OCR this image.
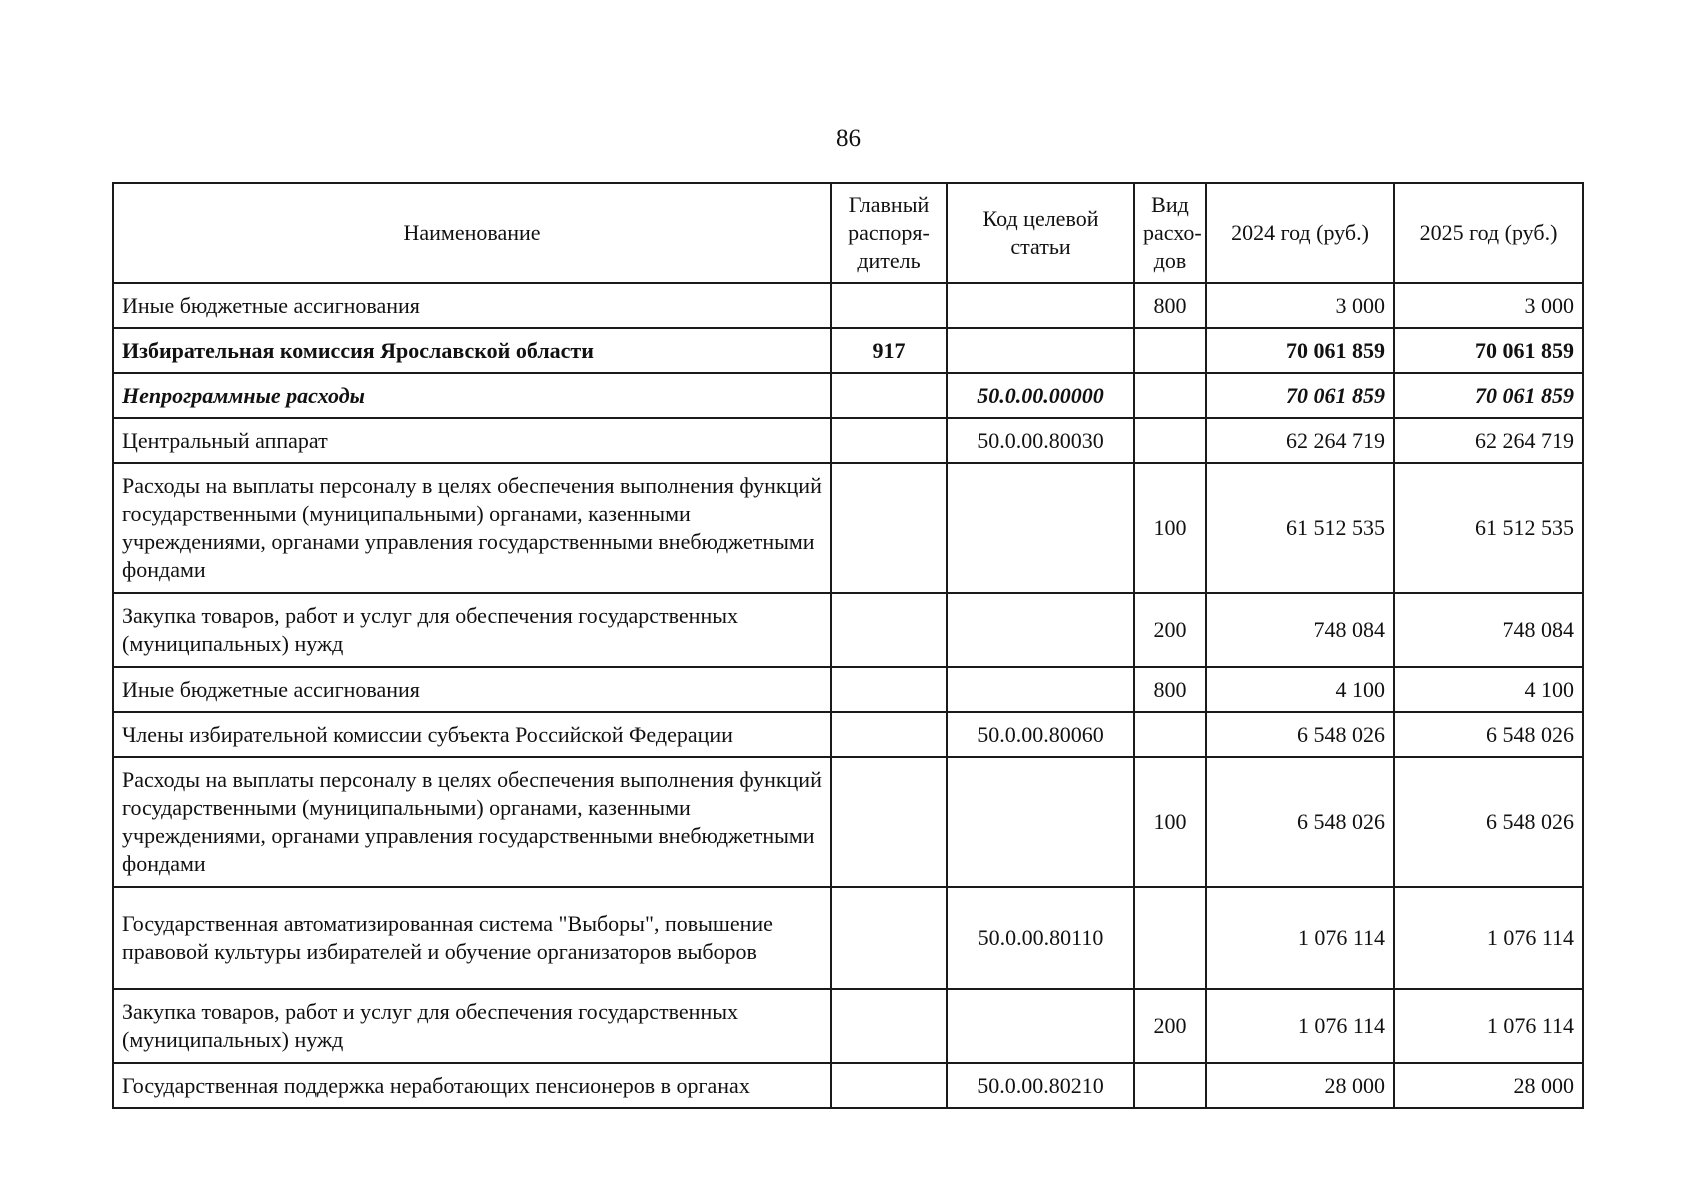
86
Наименование	Главный распоря-дитель	Код целевой статьи	Вид расхо-дов	2024 год (руб.)	2025 год (руб.)
Иные бюджетные ассигнования			800	3 000	3 000
Избирательная комиссия Ярославской области	917			70 061 859	70 061 859
Непрограммные расходы		50.0.00.00000		70 061 859	70 061 859
Центральный аппарат		50.0.00.80030		62 264 719	62 264 719
Расходы на выплаты персоналу в целях обеспечения выполнения функций государственными (муниципальными) органами, казенными учреждениями, органами управления государственными внебюджетными фондами			100	61 512 535	61 512 535
Закупка товаров, работ и услуг для обеспечения государственных (муниципальных) нужд			200	748 084	748 084
Иные бюджетные ассигнования			800	4 100	4 100
Члены избирательной комиссии субъекта Российской Федерации		50.0.00.80060		6 548 026	6 548 026
Расходы на выплаты персоналу в целях обеспечения выполнения функций государственными (муниципальными) органами, казенными учреждениями, органами управления государственными внебюджетными фондами			100	6 548 026	6 548 026
Государственная автоматизированная система "Выборы", повышение правовой культуры избирателей и обучение организаторов выборов		50.0.00.80110		1 076 114	1 076 114
Закупка товаров, работ и услуг для обеспечения государственных (муниципальных) нужд			200	1 076 114	1 076 114
Государственная поддержка неработающих пенсионеров в органах		50.0.00.80210		28 000	28 000
